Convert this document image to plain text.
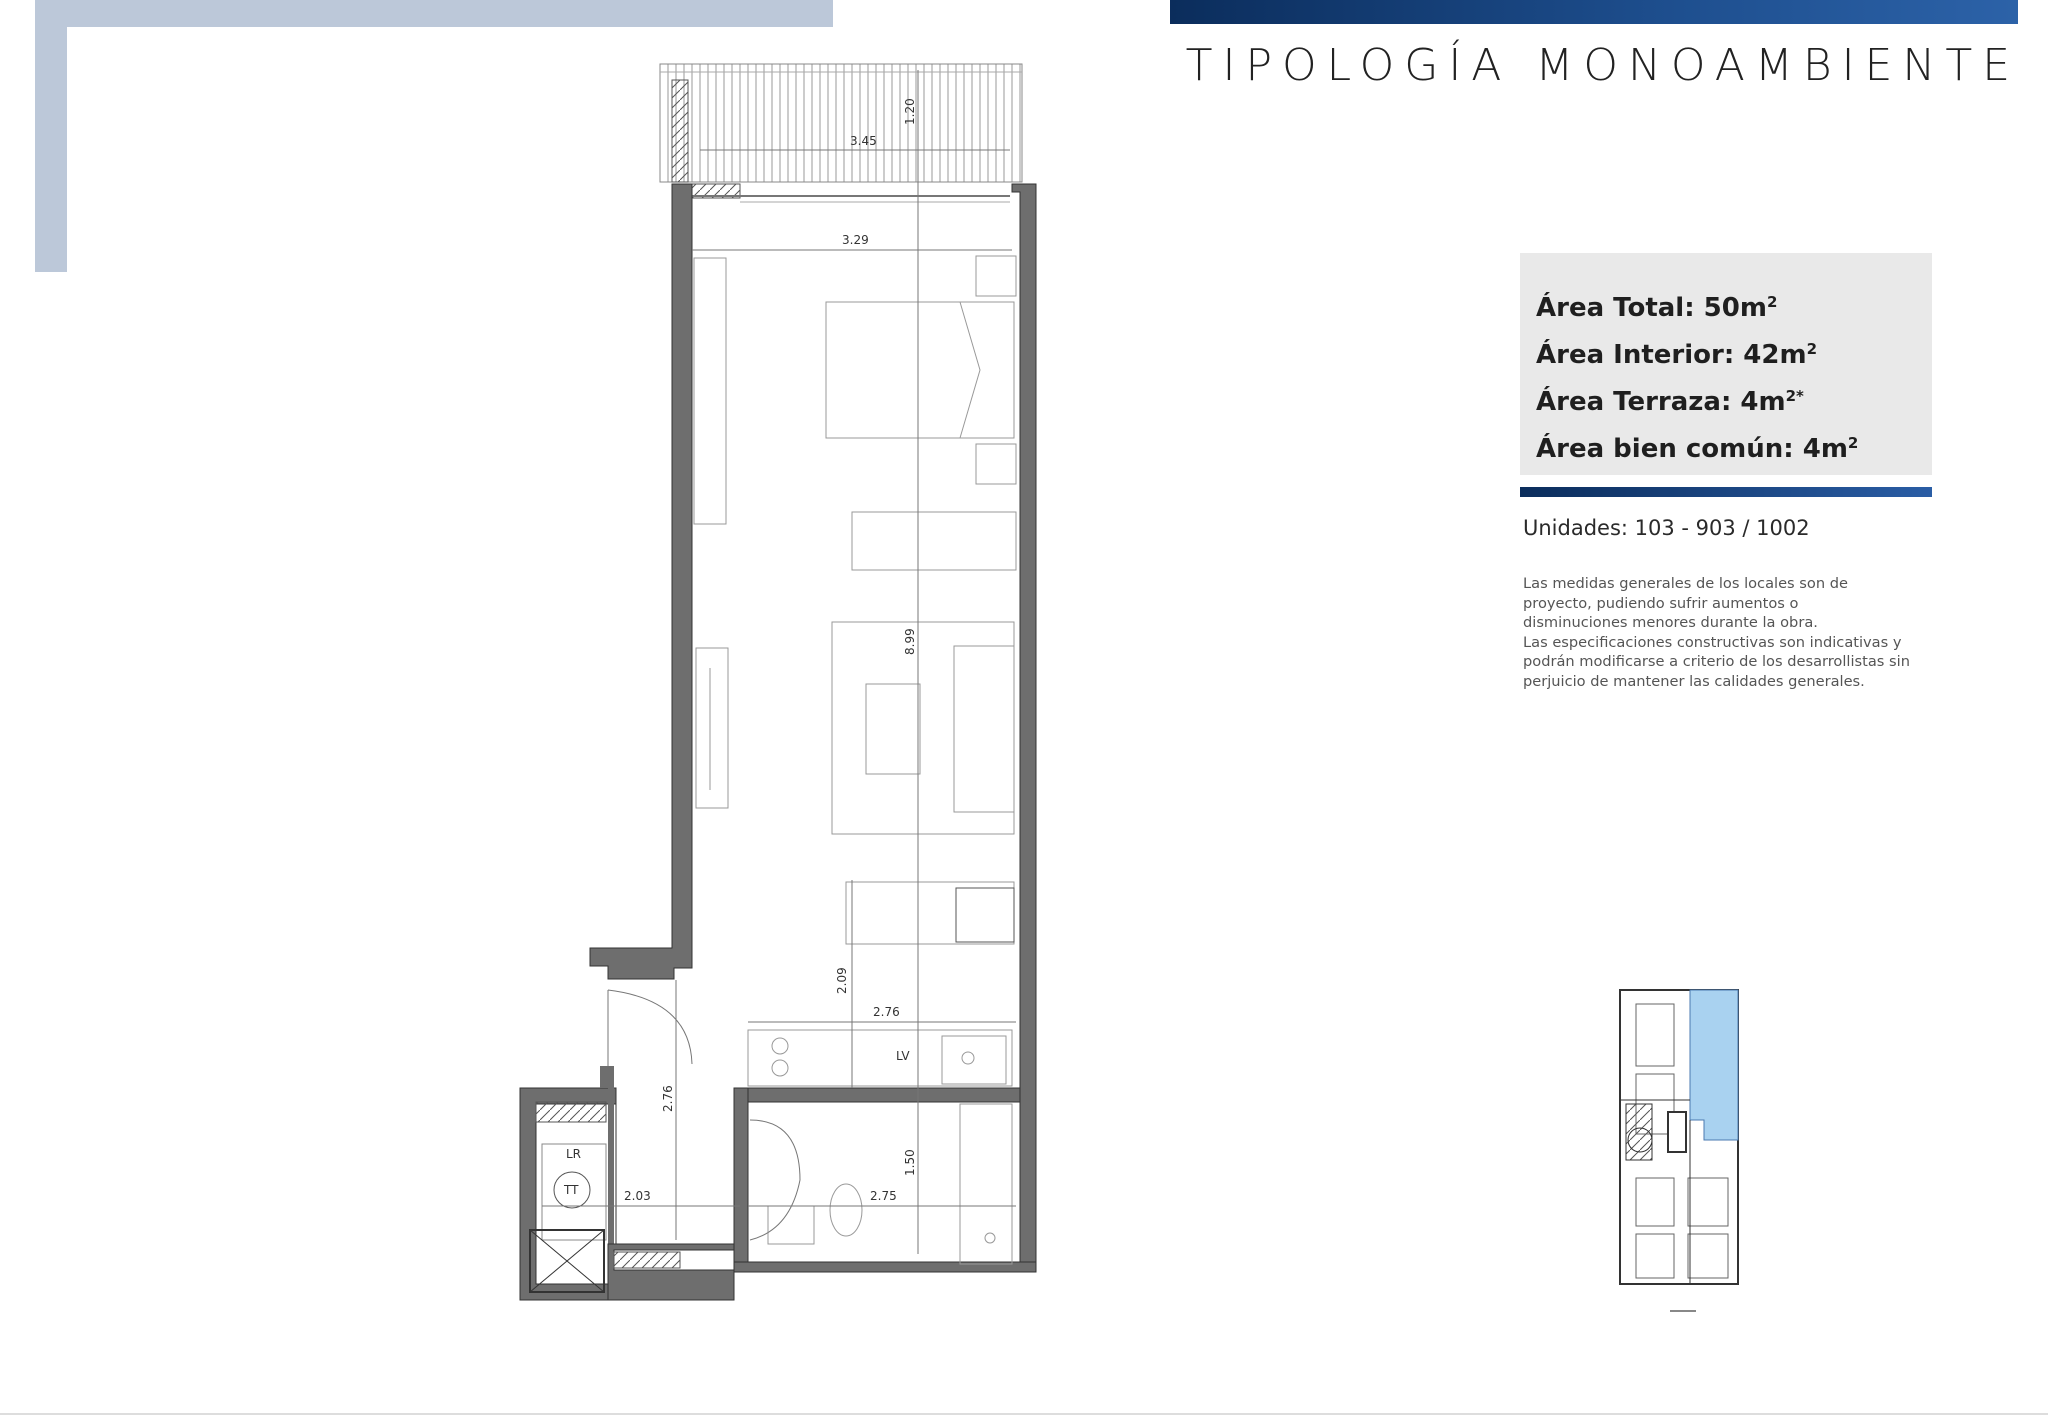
TIPOLOGÍA MONOAMBIENTE
Área Total: $50m^2$
Área Interior: $42m^2$
Área Terraza: $4m^{2*}$
Área bien común: $4m^2$
Unidades: 103 - 903 / 1002
Las medidas generales de los locales son de
proyecto, pudiendo sufrir aumentos o
disminuciones menores durante la obra.
Las especificaciones constructivas son indicativas y
podrán modificarse a criterio de los desarrollistas sin
perjuicio de mantener las calidades generales.
3.45
1.20
3.29
8.99
2.09
2.76
2.76
2.03	2.75
1.50
LV
LR
TT
